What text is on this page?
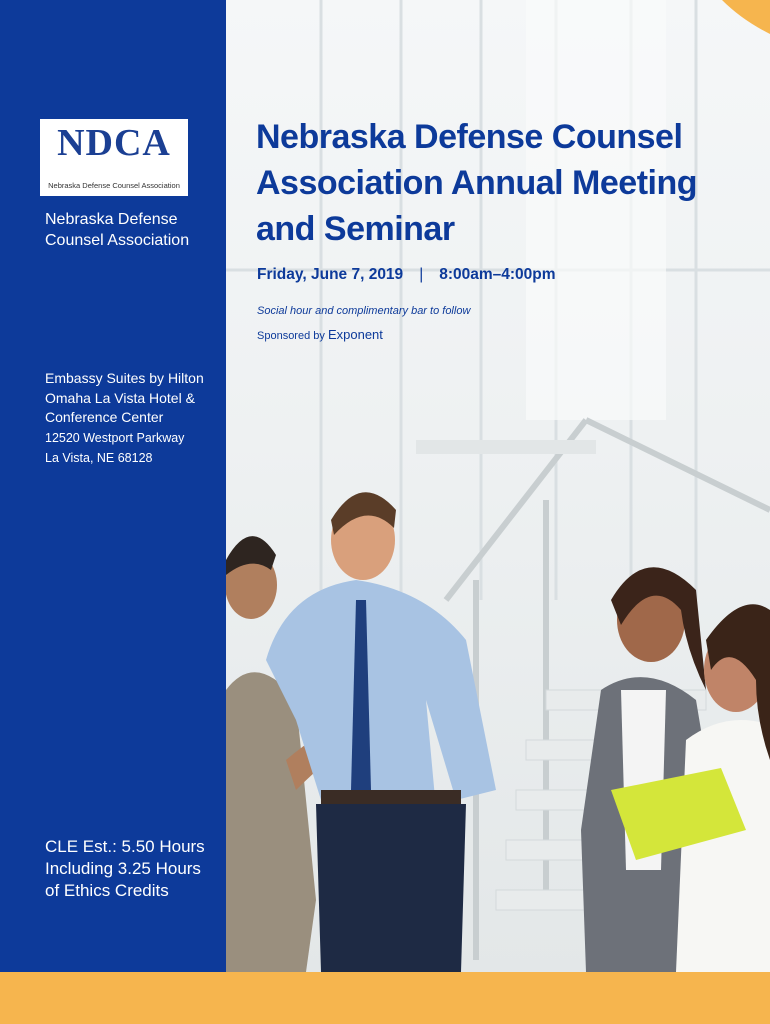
NDCA
Nebraska Defense Counsel Association
Nebraska Defense
Counsel Association
Embassy Suites by Hilton
Omaha La Vista Hotel &
Conference Center
12520 Westport Parkway
La Vista, NE 68128
CLE Est.: 5.50 Hours
Including 3.25 Hours
of Ethics Credits
Nebraska Defense Counsel
Association Annual Meeting
and Seminar
Friday, June 7, 2019 | 8:00am–4:00pm
Social hour and complimentary bar to follow
Sponsored by Exponent
